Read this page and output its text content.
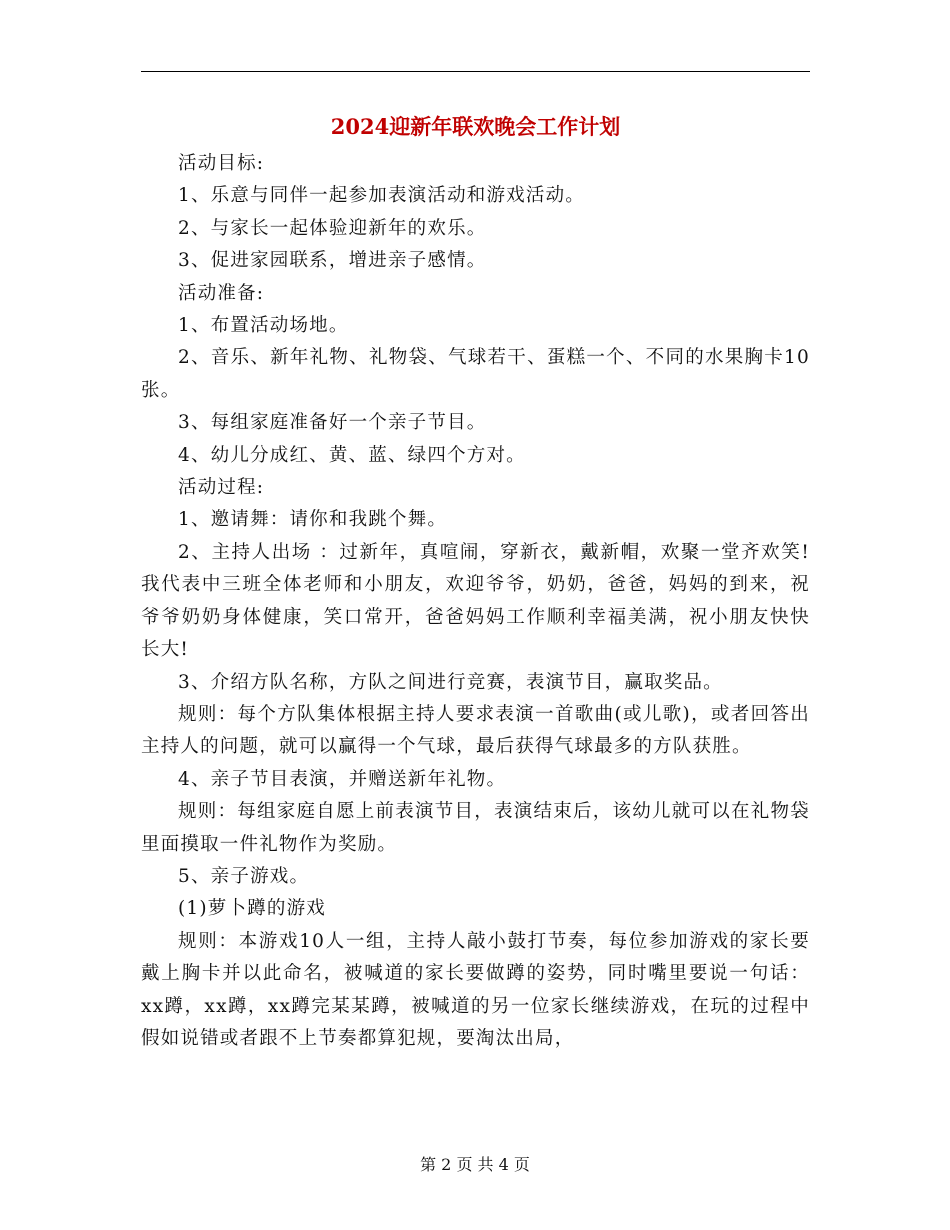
2024迎新年联欢晚会工作计划

活动目标:

1、乐意与同伴一起参加表演活动和游戏活动。

2、与家长一起体验迎新年的欢乐。

3、促进家园联系，增进亲子感情。

活动准备:

1、布置活动场地。

2、音乐、新年礼物、礼物袋、气球若干、蛋糕一个、不同的水果胸卡10张。

3、每组家庭准备好一个亲子节目。

4、幼儿分成红、黄、蓝、绿四个方对。

活动过程:

1、邀请舞：请你和我跳个舞。

2、主持人出场 ：过新年，真喧闹，穿新衣，戴新帽，欢聚一堂齐欢笑!我代表中三班全体老师和小朋友，欢迎爷爷，奶奶，爸爸，妈妈的到来，祝爷爷奶奶身体健康，笑口常开，爸爸妈妈工作顺利幸福美满，祝小朋友快快长大!

3、介绍方队名称，方队之间进行竞赛，表演节目，赢取奖品。

规则：每个方队集体根据主持人要求表演一首歌曲(或儿歌)，或者回答出主持人的问题，就可以赢得一个气球，最后获得气球最多的方队获胜。

4、亲子节目表演，并赠送新年礼物。

规则：每组家庭自愿上前表演节目，表演结束后，该幼儿就可以在礼物袋里面摸取一件礼物作为奖励。

5、亲子游戏。

(1)萝卜蹲的游戏

规则：本游戏10人一组，主持人敲小鼓打节奏，每位参加游戏的家长要戴上胸卡并以此命名，被喊道的家长要做蹲的姿势，同时嘴里要说一句话：xx蹲，xx蹲，xx蹲完某某蹲，被喊道的另一位家长继续游戏，在玩的过程中假如说错或者跟不上节奏都算犯规，要淘汰出局，

第 2 页 共 4 页
